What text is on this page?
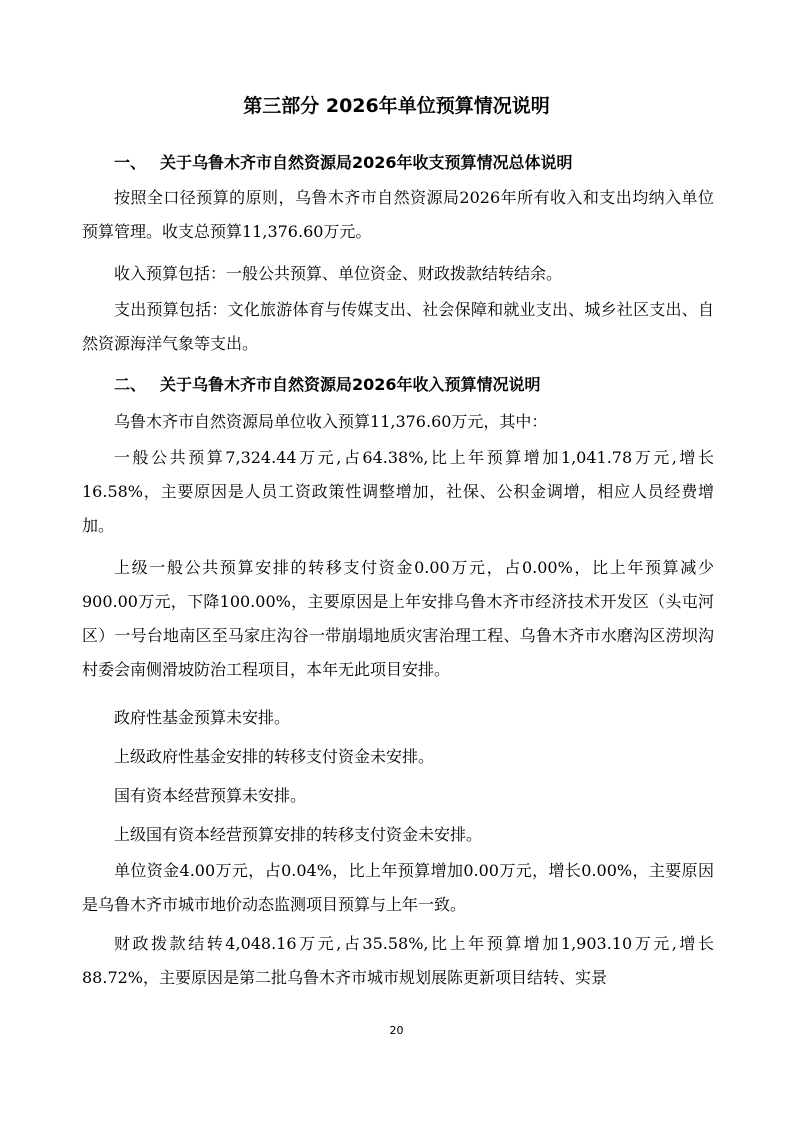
第三部分 2026年单位预算情况说明
一、 关于乌鲁木齐市自然资源局2026年收支预算情况总体说明
按照全口径预算的原则，乌鲁木齐市自然资源局2026年所有收入和支出均纳入单位预算管理。收支总预算11,376.60万元。
收入预算包括：一般公共预算、单位资金、财政拨款结转结余。
支出预算包括：文化旅游体育与传媒支出、社会保障和就业支出、城乡社区支出、自然资源海洋气象等支出。
二、 关于乌鲁木齐市自然资源局2026年收入预算情况说明
乌鲁木齐市自然资源局单位收入预算11,376.60万元，其中：
一般公共预算7,324.44万元,占64.38%,比上年预算增加1,041.78万元,增长16.58%，主要原因是人员工资政策性调整增加，社保、公积金调增，相应人员经费增加。
上级一般公共预算安排的转移支付资金0.00万元，占0.00%，比上年预算减少900.00万元，下降100.00%，主要原因是上年安排乌鲁木齐市经济技术开发区（头屯河区）一号台地南区至马家庄沟谷一带崩塌地质灾害治理工程、乌鲁木齐市水磨沟区涝坝沟村委会南侧滑坡防治工程项目，本年无此项目安排。
政府性基金预算未安排。
上级政府性基金安排的转移支付资金未安排。
国有资本经营预算未安排。
上级国有资本经营预算安排的转移支付资金未安排。
单位资金4.00万元，占0.04%，比上年预算增加0.00万元，增长0.00%，主要原因是乌鲁木齐市城市地价动态监测项目预算与上年一致。
财政拨款结转4,048.16万元,占35.58%,比上年预算增加1,903.10万元,增长88.72%，主要原因是第二批乌鲁木齐市城市规划展陈更新项目结转、实景
20
